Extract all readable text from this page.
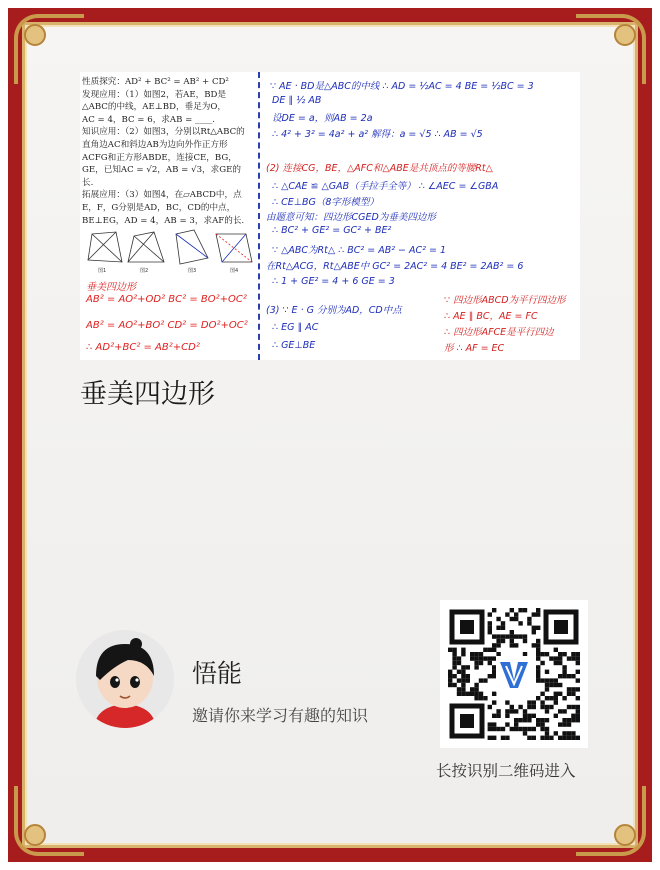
性质探究：AD² + BC² = AB² + CD²
发现应用：（1）如图2，若AE，BD是
△ABC的中线，AE⊥BD，垂足为O，
AC = 4，BC = 6，求AB = ____.
知识应用：（2）如图3，分别以Rt△ABC的
直角边AC和斜边AB为边向外作正方形
ACFG和正方形ABDE，连接CE，BG，
GE，已知AC = √2，AB = √3，求GE的
长.
拓展应用：（3）如图4，在▱ABCD中，点
E，F，G分别是AD，BC，CD的中点，
BE⊥EG，AD = 4，AB = 3，求AF的长.
图1	图2	图3	图4
垂美四边形
AB² = AO²+OD² BC² = BO²+OC²
AB² = AO²+BO² CD² = DO²+OC²
∴ AD²+BC² = AB²+CD²
∵ AE · BD是△ABC的中线 ∴ AD = ½AC = 4 BE = ½BC = 3
DE ∥ ½ AB
设DE = a，则AB = 2a
∴ 4² + 3² = 4a² + a² 解得：a = √5 ∴ AB = √5
(2) 连接CG，BE，△AFC和△ABE是共顶点的等腰Rt△
∴ △CAE ≌ △GAB（手拉手全等） ∴ ∠AEC = ∠GBA
∴ CE⊥BG（8字形模型）
由题意可知：四边形CGED为垂美四边形
∴ BC² + GE² = GC² + BE²
∵ △ABC为Rt△ ∴ BC² = AB² − AC² = 1
在Rt△ACG，Rt△ABE中 GC² = 2AC² = 4 BE² = 2AB² = 6
∴ 1 + GE² = 4 + 6 GE = 3
(3) ∵ E · G 分别为AD，CD中点
∴ EG ∥ AC
∴ GE⊥BE
∵ 四边形ABCD为平行四边形
∴ AE ∥ BC，AE = FC
∴ 四边形AFCE是平行四边
形 ∴ AF = EC
垂美四边形
悟能
邀请你来学习有趣的知识
长按识别二维码进入
